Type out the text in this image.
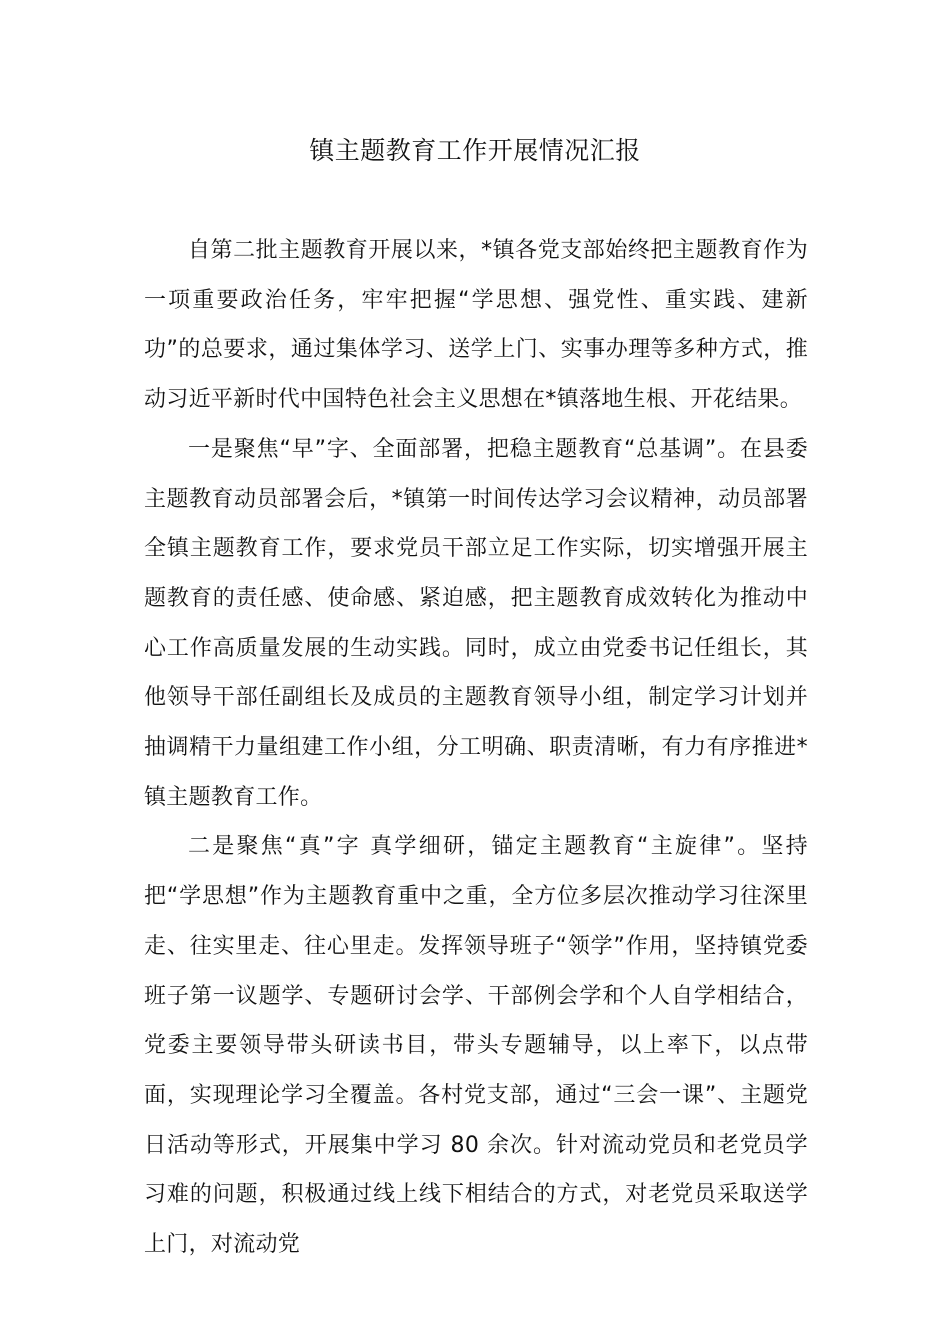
镇主题教育工作开展情况汇报

自第二批主题教育开展以来，*镇各党支部始终把主题教育作为一项重要政治任务，牢牢把握“学思想、强党性、重实践、建新功”的总要求，通过集体学习、送学上门、实事办理等多种方式，推动习近平新时代中国特色社会主义思想在*镇落地生根、开花结果。

一是聚焦“早”字、全面部署，把稳主题教育“总基调”。在县委主题教育动员部署会后，*镇第一时间传达学习会议精神，动员部署全镇主题教育工作，要求党员干部立足工作实际，切实增强开展主题教育的责任感、使命感、紧迫感，把主题教育成效转化为推动中心工作高质量发展的生动实践。同时，成立由党委书记任组长，其他领导干部任副组长及成员的主题教育领导小组，制定学习计划并抽调精干力量组建工作小组，分工明确、职责清晰，有力有序推进*镇主题教育工作。

二是聚焦“真”字 真学细研，锚定主题教育“主旋律”。坚持把“学思想”作为主题教育重中之重，全方位多层次推动学习往深里走、往实里走、往心里走。发挥领导班子“领学”作用，坚持镇党委班子第一议题学、专题研讨会学、干部例会学和个人自学相结合，党委主要领导带头研读书目，带头专题辅导，以上率下，以点带面，实现理论学习全覆盖。各村党支部，通过“三会一课”、主题党日活动等形式，开展集中学习 80 余次。针对流动党员和老党员学习难的问题，积极通过线上线下相结合的方式，对老党员采取送学上门，对流动党
